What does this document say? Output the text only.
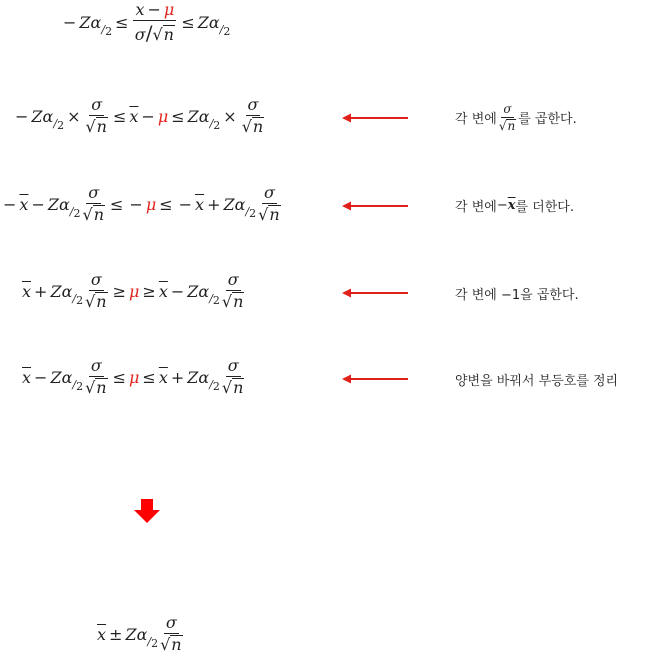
− Z $\alpha / 2 \le \frac{\overline{x} - \mu}{\sigma/ √ n} \le Z$ α / 2
− Z $\alpha / 2 \times \frac{\sigma}{√ n} \le \overline{x} - \mu \le Z$ $\alpha / 2 \times \frac{\sigma}{√ n}$
− $\overline{x} - Z$ α / $2 \frac{\sigma}{√ n}$ ≤ − μ ≤ − $\overline{x} + Z$ α / $2 \frac{\sigma}{√ n}$
$\overline{x} + Z$ $\alpha / 2 \frac{\sigma}{√ n} \ge \mu \ge \overline{x} - Z$ α / $2 \frac{\sigma}{√ n}$
$\overline{x} - Z$ $\alpha / 2 \frac{\sigma}{√ n} \le \mu \le \overline{x} + Z$ α / $2 \frac{\sigma}{√ n}$
$\overline{x} \pm Z$ α / $2 \frac{\sigma}{√ n}$
각 변에 $\frac{\sigma}{√ n}$ 를 곱한다.
각 변에 − $\overline{x}$ 를 더한다.
각 변에 −1을 곱한다.
양변을 바꿔서 부등호를 정리
